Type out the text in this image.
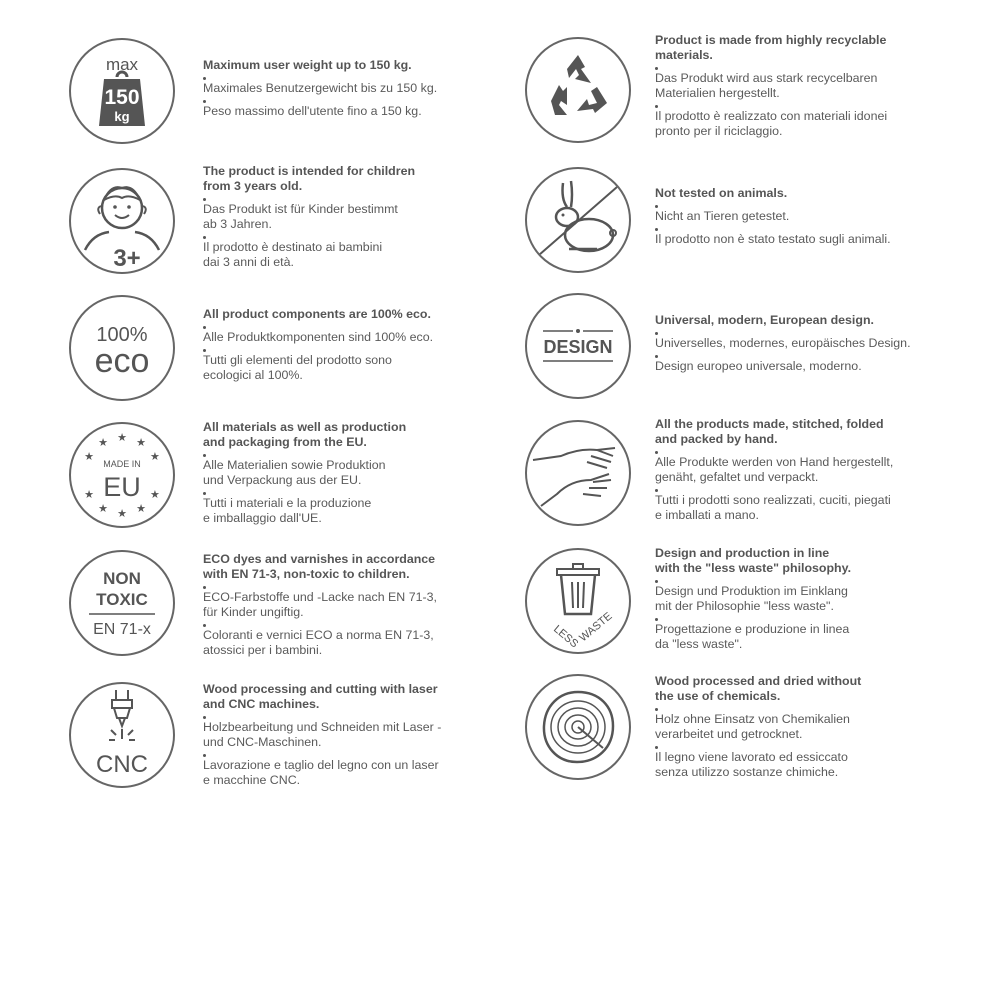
max
150
kg
Maximum user weight up to 150 kg.
Maximales Benutzergewicht bis zu 150 kg.
Peso massimo dell'utente fino a 150 kg.
3+
The product is intended for children
from 3 years old.
Das Produkt ist für Kinder bestimmt
ab 3 Jahren.
Il prodotto è destinato ai bambini
dai 3 anni di età.
100%
eco
All product components are 100% eco.
Alle Produktkomponenten sind 100% eco.
Tutti gli elementi del prodotto sono
ecologici al 100%.
★ ★
★
★
★
★
★
★
★
★
MADE IN
EU
All materials as well as production
and packaging from the EU.
Alle Materialien sowie Produktion
und Verpackung aus der EU.
Tutti i materiali e la produzione
e imballaggio dall'UE.
NON
TOXIC
EN 71-x
ECO dyes and varnishes in accordance
with EN 71-3, non-toxic to children.
ECO-Farbstoffe und -Lacke nach EN 71-3,
für Kinder ungiftig.
Coloranti e vernici ECO a norma EN 71-3,
atossici per i bambini.
CNC
Wood processing and cutting with laser
and CNC machines.
Holzbearbeitung und Schneiden mit Laser -
und CNC-Maschinen.
Lavorazione e taglio del legno con un laser
e macchine CNC.
Product is made from highly recyclable
materials.
Das Produkt wird aus stark recycelbaren
Materialien hergestellt.
Il prodotto è realizzato con materiali idonei
pronto per il riciclaggio.
Not tested on animals.
Nicht an Tieren getestet.
Il prodotto non è stato testato sugli animali.
DESIGN
Universal, modern, European design.
Universelles, modernes, europäisches Design.
Design europeo universale, moderno.
All the products made, stitched, folded
and packed by hand.
Alle Produkte werden von Hand hergestellt,
genäht, gefaltet und verpackt.
Tutti i prodotti sono realizzati, cuciti, piegati
e imballati a mano.
LESS
WASTE
Design and production in line
with the "less waste" philosophy.
Design und Produktion im Einklang
mit der Philosophie "less waste".
Progettazione e produzione in linea
da "less waste".
Wood processed and dried without
the use of chemicals.
Holz ohne Einsatz von Chemikalien
verarbeitet und getrocknet.
Il legno viene lavorato ed essiccato
senza utilizzo sostanze chimiche.
